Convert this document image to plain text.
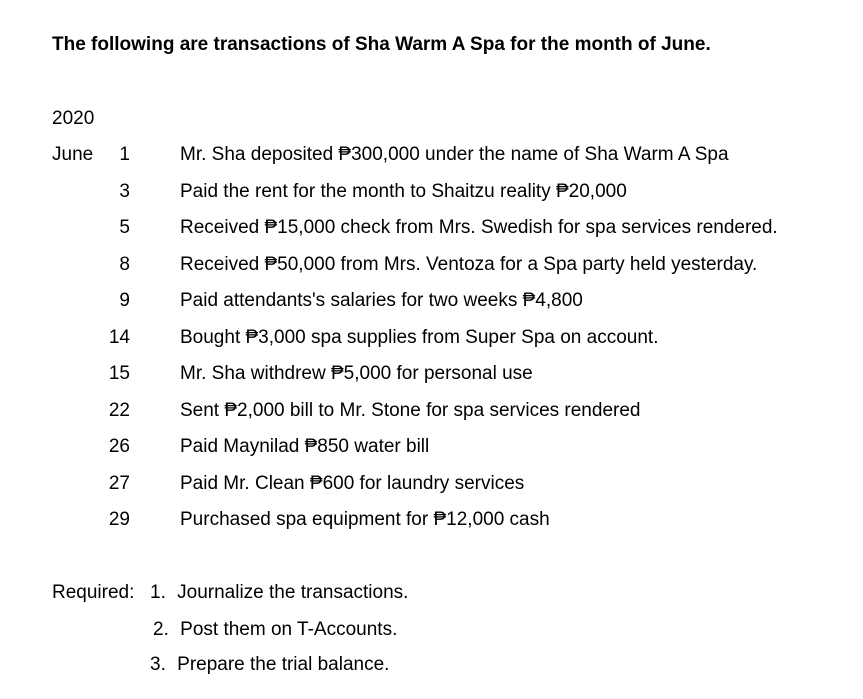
The following are transactions of Sha Warm A Spa for the month of June.
2020
June	1	Mr. Sha deposited ₱300,000 under the name of Sha Warm A Spa
3	Paid the rent for the month to Shaitzu reality ₱20,000
5	Received ₱15,000 check from Mrs. Swedish for spa services rendered.
8	Received ₱50,000 from Mrs. Ventoza for a Spa party held yesterday.
9	Paid attendants's salaries for two weeks ₱4,800
14	Bought ₱3,000 spa supplies from Super Spa on account.
15	Mr. Sha withdrew ₱5,000 for personal use
22	Sent ₱2,000 bill to Mr. Stone for spa services rendered
26	Paid Maynilad ₱850 water bill
27	Paid Mr. Clean ₱600 for laundry services
29	Purchased spa equipment for ₱12,000 cash
Required: 1. Journalize the transactions.
2. Post them on T-Accounts.
3. Prepare the trial balance.
